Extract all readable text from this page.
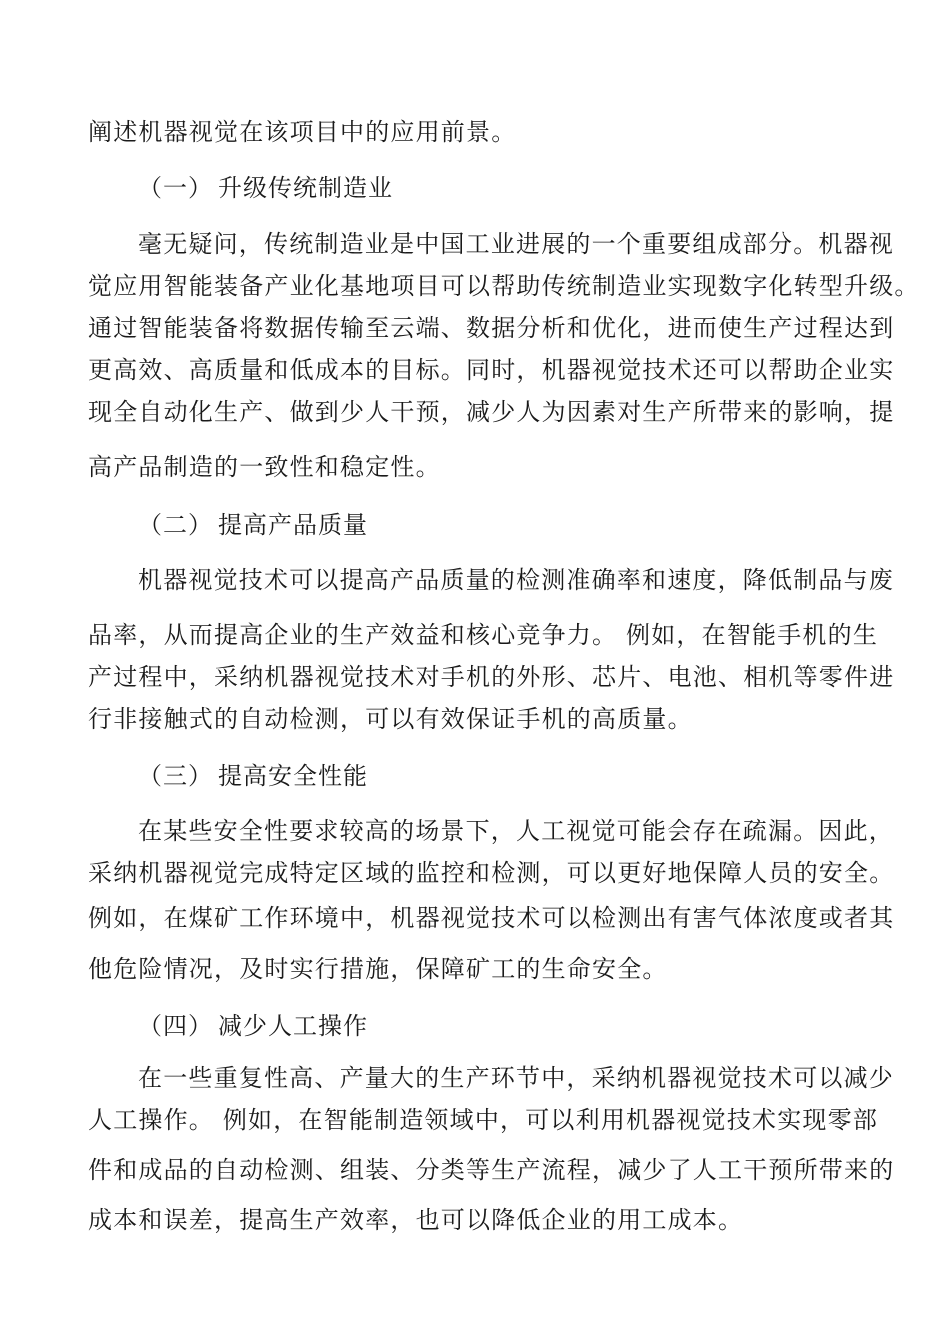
阐述机器视觉在该项目中的应用前景。
（一） 升级传统制造业
毫无疑问，传统制造业是中国工业进展的一个重要组成部分。机器视
觉应用智能装备产业化基地项目可以帮助传统制造业实现数字化转型升级。
通过智能装备将数据传输至云端、数据分析和优化，进而使生产过程达到
更高效、高质量和低成本的目标。同时，机器视觉技术还可以帮助企业实
现全自动化生产、做到少人干预，减少人为因素对生产所带来的影响，提
高产品制造的一致性和稳定性。
（二） 提高产品质量
机器视觉技术可以提高产品质量的检测准确率和速度，降低制品与废
品率，从而提高企业的生产效益和核心竞争力。 例如，在智能手机的生
产过程中，采纳机器视觉技术对手机的外形、芯片、电池、相机等零件进
行非接触式的自动检测，可以有效保证手机的高质量。
（三） 提高安全性能
在某些安全性要求较高的场景下，人工视觉可能会存在疏漏。因此，
采纳机器视觉完成特定区域的监控和检测，可以更好地保障人员的安全。
例如，在煤矿工作环境中，机器视觉技术可以检测出有害气体浓度或者其
他危险情况，及时实行措施，保障矿工的生命安全。
（四） 减少人工操作
在一些重复性高、产量大的生产环节中，采纳机器视觉技术可以减少
人工操作。 例如，在智能制造领域中，可以利用机器视觉技术实现零部
件和成品的自动检测、组装、分类等生产流程，减少了人工干预所带来的
成本和误差，提高生产效率，也可以降低企业的用工成本。
